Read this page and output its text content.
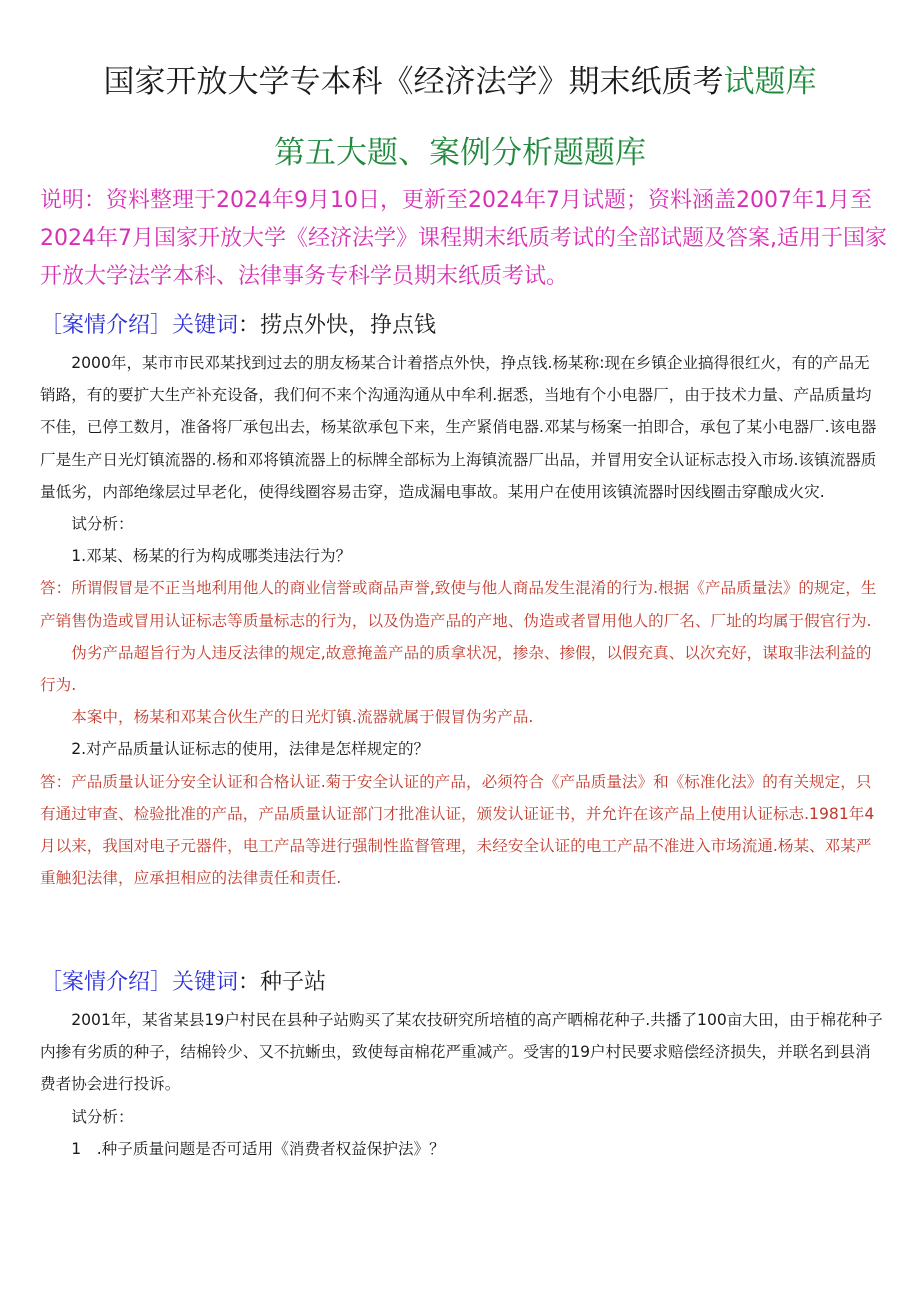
国家开放大学专本科《经济法学》期末纸质考试题库
第五大题、案例分析题题库
说明：资料整理于2024年9月10日，更新至2024年7月试题；资料涵盖2007年1月至2024年7月国家开放大学《经济法学》课程期末纸质考试的全部试题及答案,适用于国家开放大学法学本科、法律事务专科学员期末纸质考试。
［案情介绍］关键词：捞点外快，挣点钱

2000年，某市市民邓某找到过去的朋友杨某合计着搭点外快，挣点钱.杨某称:现在乡镇企业搞得很红火，有的产品无销路，有的要扩大生产补充设备，我们何不来个沟通沟通从中牟利.据悉，当地有个小电器厂，由于技术力量、产品质量均不佳，已停工数月，准备将厂承包出去，杨某欲承包下来，生产紧俏电器.邓某与杨案一拍即合，承包了某小电器厂.该电器厂是生产日光灯镇流器的.杨和邓将镇流器上的标牌全部标为上海镇流器厂出品，并冒用安全认证标志投入市场.该镇流器质量低劣，内部绝缘层过早老化，使得线圈容易击穿，造成漏电事故。某用户在使用该镇流器时因线圈击穿酿成火灾.

试分析：

1.邓某、杨某的行为构成哪类违法行为？

答：所谓假冒是不正当地利用他人的商业信誉或商品声誉,致使与他人商品发生混淆的行为.根据《产品质量法》的规定，生产销售伪造或冒用认证标志等质量标志的行为，以及伪造产品的产地、伪造或者冒用他人的厂名、厂址的均属于假官行为.

伪劣产品超旨行为人违反法律的规定,故意掩盖产品的质拿状况，掺杂、掺假，以假充真、以次充好，谋取非法利益的行为.

本案中，杨某和邓某合伙生产的日光灯镇.流器就属于假冒伪劣产品.

2.对产品质量认证标志的使用，法律是怎样规定的？

答：产品质量认证分安全认证和合格认证.菊于安全认证的产品，必须符合《产品质量法》和《标准化法》的有关规定，只有通过审查、检验批准的产品，产品质量认证部门才批准认证，颁发认证证书，并允许在该产品上使用认证标志.1981年4月以来，我国对电子元器件，电工产品等进行强制性监督管理，未经安全认证的电工产品不准进入市场流通.杨某、邓某严重触犯法律，应承担相应的法律责任和责任.

［案情介绍］关键词：种子站

2001年，某省某县19户村民在县种子站购买了某农技研究所培植的高产晒棉花种子.共播了100亩大田，由于棉花种子内掺有劣质的种子，结棉铃少、又不抗蜥虫，致使每亩棉花严重减产。受害的19户村民要求赔偿经济损失，并联名到县消费者协会进行投诉。

试分析：

1　.种子质量问题是否可适用《消费者权益保护法》？
